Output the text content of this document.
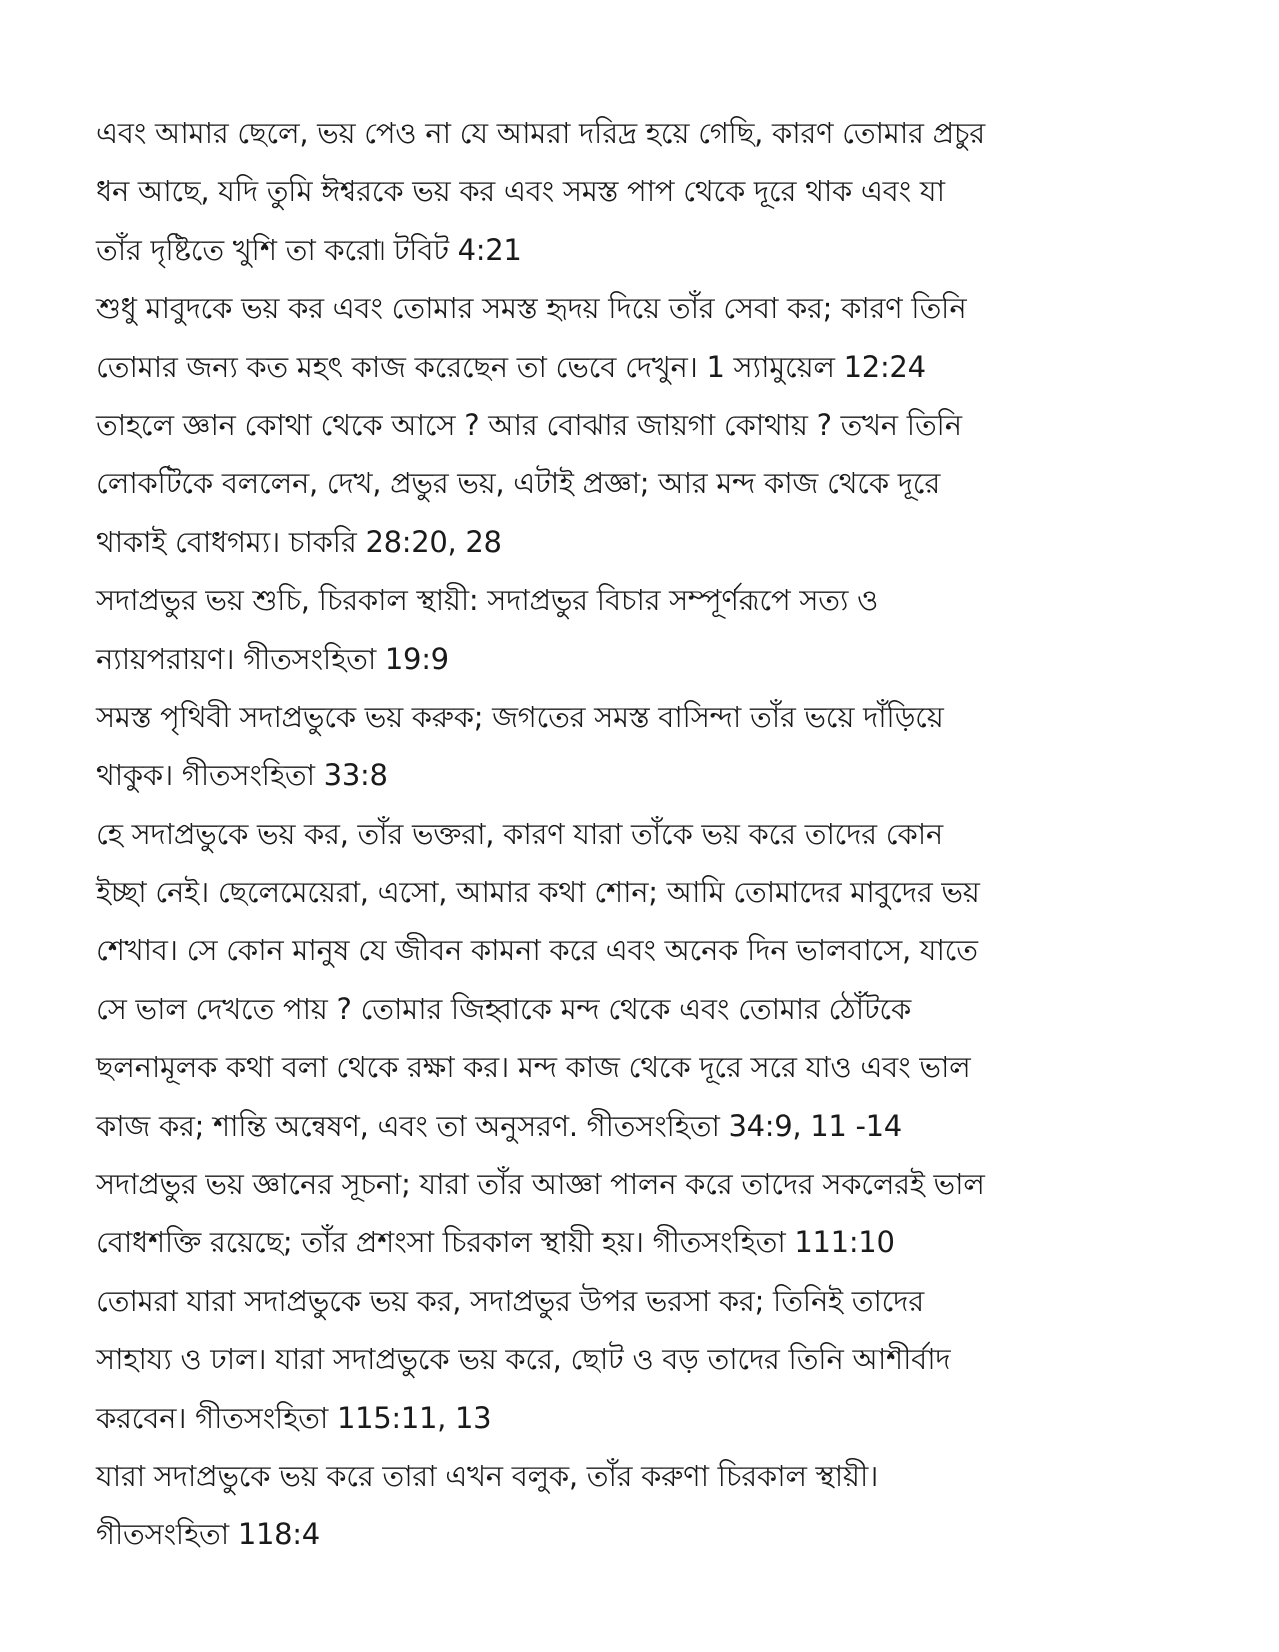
এবং আমার ছেলে, ভয় পেও না যে আমরা দরিদ্র হয়ে গেছি, কারণ তোমার প্রচুর
ধন আছে, যদি তুমি ঈশ্বরকে ভয় কর এবং সমস্ত পাপ থেকে দূরে থাক এবং যা
তাঁর দৃষ্টিতে খুশি তা করো৷ টবিট 4:21
শুধু মাবুদকে ভয় কর এবং তোমার সমস্ত হৃদয় দিয়ে তাঁর সেবা কর; কারণ তিনি
তোমার জন্য কত মহৎ কাজ করেছেন তা ভেবে দেখুন। 1 স্যামুয়েল 12:24
তাহলে জ্ঞান কোথা থেকে আসে ? আর বোঝার জায়গা কোথায় ? তখন তিনি
লোকটিকে বললেন, দেখ, প্রভুর ভয়, এটাই প্রজ্ঞা; আর মন্দ কাজ থেকে দূরে
থাকাই বোধগম্য। চাকরি 28:20, 28
সদাপ্রভুর ভয় শুচি, চিরকাল স্থায়ী: সদাপ্রভুর বিচার সম্পূর্ণরূপে সত্য ও
ন্যায়পরায়ণ। গীতসংহিতা 19:9
সমস্ত পৃথিবী সদাপ্রভুকে ভয় করুক; জগতের সমস্ত বাসিন্দা তাঁর ভয়ে দাঁড়িয়ে
থাকুক। গীতসংহিতা 33:8
হে সদাপ্রভুকে ভয় কর, তাঁর ভক্তরা, কারণ যারা তাঁকে ভয় করে তাদের কোন
ইচ্ছা নেই। ছেলেমেয়েরা, এসো, আমার কথা শোন; আমি তোমাদের মাবুদের ভয়
শেখাব। সে কোন মানুষ যে জীবন কামনা করে এবং অনেক দিন ভালবাসে, যাতে
সে ভাল দেখতে পায় ? তোমার জিহ্বাকে মন্দ থেকে এবং তোমার ঠোঁটকে
ছলনামূলক কথা বলা থেকে রক্ষা কর। মন্দ কাজ থেকে দূরে সরে যাও এবং ভাল
কাজ কর; শান্তি অন্বেষণ, এবং তা অনুসরণ. গীতসংহিতা 34:9, 11 -14
সদাপ্রভুর ভয় জ্ঞানের সূচনা; যারা তাঁর আজ্ঞা পালন করে তাদের সকলেরই ভাল
বোধশক্তি রয়েছে; তাঁর প্রশংসা চিরকাল স্থায়ী হয়। গীতসংহিতা 111:10
তোমরা যারা সদাপ্রভুকে ভয় কর, সদাপ্রভুর উপর ভরসা কর; তিনিই তাদের
সাহায্য ও ঢাল। যারা সদাপ্রভুকে ভয় করে, ছোট ও বড় তাদের তিনি আশীর্বাদ
করবেন। গীতসংহিতা 115:11, 13
যারা সদাপ্রভুকে ভয় করে তারা এখন বলুক, তাঁর করুণা চিরকাল স্থায়ী।
গীতসংহিতা 118:4
